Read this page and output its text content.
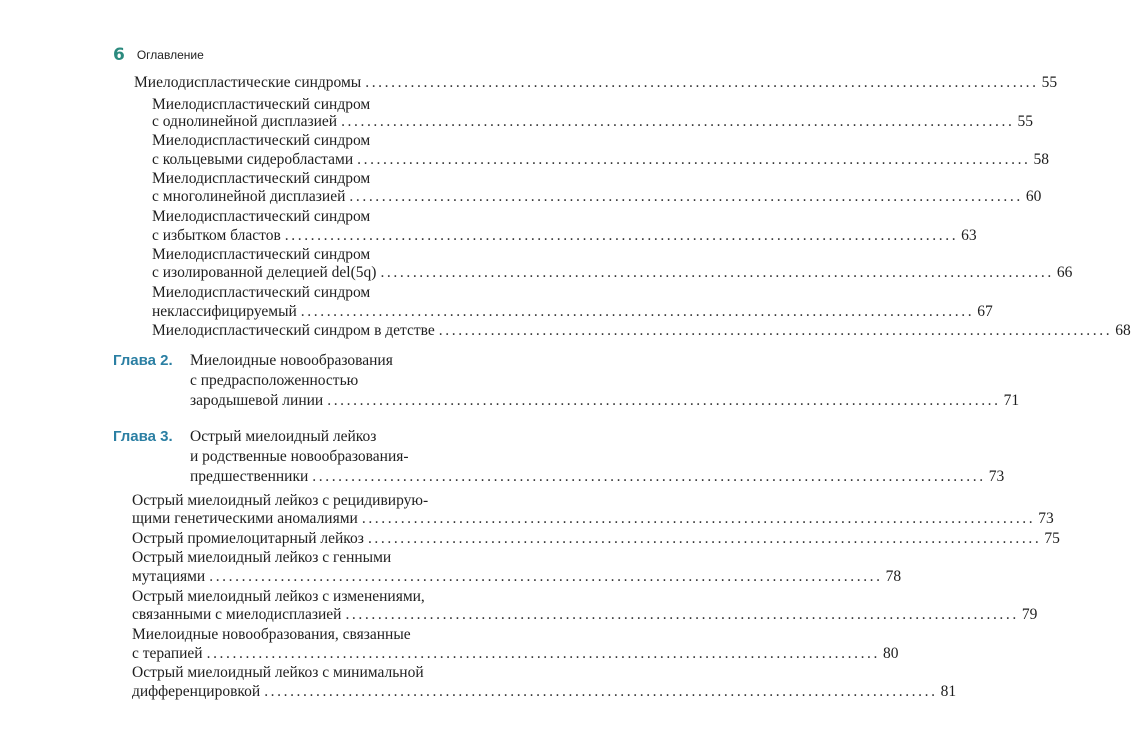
6 Оглавление
Миелодиспластические синдромы ........................................................................................................ 55
Миелодиспластический синдром
с однолинейной дисплазией ........................................................................................................ 55
Миелодиспластический синдром
с кольцевыми сидеробластами ........................................................................................................ 58
Миелодиспластический синдром
с многолинейной дисплазией ........................................................................................................ 60
Миелодиспластический синдром
с избытком бластов ........................................................................................................ 63
Миелодиспластический синдром
с изолированной делецией del(5q) ........................................................................................................ 66
Миелодиспластический синдром
неклассифицируемый ........................................................................................................ 67
Миелодиспластический синдром в детстве ........................................................................................................ 68
Глава 2. Миелоидные новообразования
с предрасположенностью
зародышевой линии ........................................................................................................ 71
Глава 3. Острый миелоидный лейкоз
и родственные новообразования-
предшественники ........................................................................................................ 73
Острый миелоидный лейкоз с рецидивирую-
щими генетическими аномалиями ........................................................................................................ 73
Острый промиелоцитарный лейкоз ........................................................................................................ 75
Острый миелоидный лейкоз с генными
мутациями ........................................................................................................ 78
Острый миелоидный лейкоз с изменениями,
связанными с миелодисплазией ........................................................................................................ 79
Миелоидные новообразования, связанные
с терапией ........................................................................................................ 80
Острый миелоидный лейкоз с минимальной
дифференцировкой ........................................................................................................ 81
